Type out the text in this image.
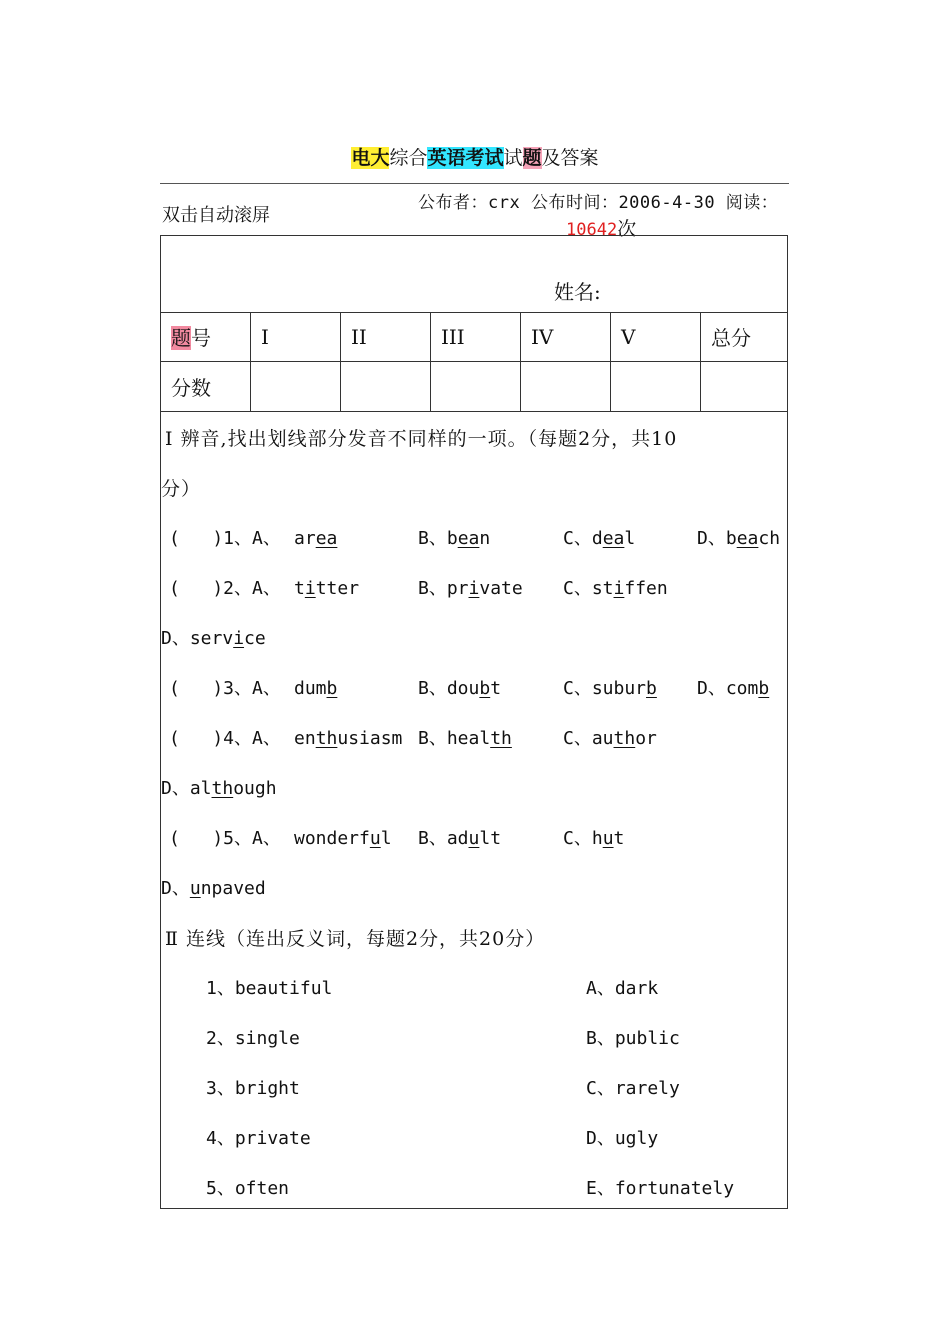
电大综合英语考试试题及答案
双击自动滚屏
公布者：crx 公布时间：2006-4-30 阅读：
10642次
姓名:
题号	I	II	III	IV	V	总分
分数						
I 辨音,找出划线部分发音不同样的一项。（每题2分，共10
分）
(   )1、A、 area	B、bean	C、deal	D、beach
(   )2、A、 titter	B、private C、stiffen
D、service
(   )3、A、 dumb	B、doubt	C、suburb D、comb
(   )4、A、 enthusiasm B、health	C、author
D、although
(   )5、A、 wonderful B、adult	C、hut
D、unpaved
Ⅱ 连线（连出反义词，每题2分，共20分）
1、beautiful	A、dark
2、single	B、public
3、bright	C、rarely
4、private	D、ugly
5、often	E、fortunately
